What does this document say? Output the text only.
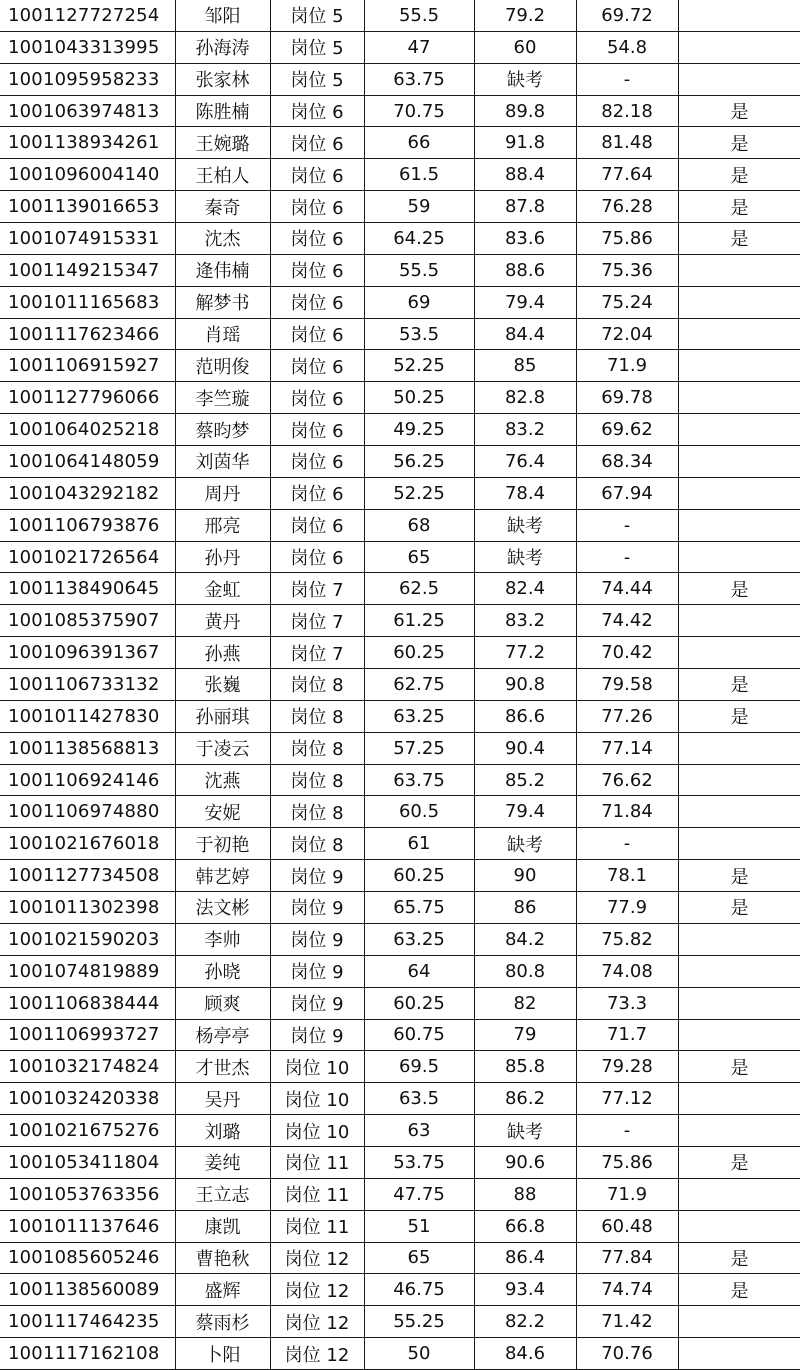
1001127727254	邹阳	岗位 5	55.5	79.2	69.72	
1001043313995	孙海涛	岗位 5	47	60	54.8	
1001095958233	张家林	岗位 5	63.75	缺考	-	
1001063974813	陈胜楠	岗位 6	70.75	89.8	82.18	是
1001138934261	王婉璐	岗位 6	66	91.8	81.48	是
1001096004140	王柏人	岗位 6	61.5	88.4	77.64	是
1001139016653	秦奇	岗位 6	59	87.8	76.28	是
1001074915331	沈杰	岗位 6	64.25	83.6	75.86	是
1001149215347	逄伟楠	岗位 6	55.5	88.6	75.36	
1001011165683	解梦书	岗位 6	69	79.4	75.24	
1001117623466	肖瑶	岗位 6	53.5	84.4	72.04	
1001106915927	范明俊	岗位 6	52.25	85	71.9	
1001127796066	李竺璇	岗位 6	50.25	82.8	69.78	
1001064025218	蔡昀梦	岗位 6	49.25	83.2	69.62	
1001064148059	刘茵华	岗位 6	56.25	76.4	68.34	
1001043292182	周丹	岗位 6	52.25	78.4	67.94	
1001106793876	邢亮	岗位 6	68	缺考	-	
1001021726564	孙丹	岗位 6	65	缺考	-	
1001138490645	金虹	岗位 7	62.5	82.4	74.44	是
1001085375907	黄丹	岗位 7	61.25	83.2	74.42	
1001096391367	孙燕	岗位 7	60.25	77.2	70.42	
1001106733132	张巍	岗位 8	62.75	90.8	79.58	是
1001011427830	孙丽琪	岗位 8	63.25	86.6	77.26	是
1001138568813	于凌云	岗位 8	57.25	90.4	77.14	
1001106924146	沈燕	岗位 8	63.75	85.2	76.62	
1001106974880	安妮	岗位 8	60.5	79.4	71.84	
1001021676018	于初艳	岗位 8	61	缺考	-	
1001127734508	韩艺婷	岗位 9	60.25	90	78.1	是
1001011302398	法文彬	岗位 9	65.75	86	77.9	是
1001021590203	李帅	岗位 9	63.25	84.2	75.82	
1001074819889	孙晓	岗位 9	64	80.8	74.08	
1001106838444	顾爽	岗位 9	60.25	82	73.3	
1001106993727	杨亭亭	岗位 9	60.75	79	71.7	
1001032174824	才世杰	岗位 10	69.5	85.8	79.28	是
1001032420338	吴丹	岗位 10	63.5	86.2	77.12	
1001021675276	刘璐	岗位 10	63	缺考	-	
1001053411804	姜纯	岗位 11	53.75	90.6	75.86	是
1001053763356	王立志	岗位 11	47.75	88	71.9	
1001011137646	康凯	岗位 11	51	66.8	60.48	
1001085605246	曹艳秋	岗位 12	65	86.4	77.84	是
1001138560089	盛辉	岗位 12	46.75	93.4	74.74	是
1001117464235	蔡雨杉	岗位 12	55.25	82.2	71.42	
1001117162108	卜阳	岗位 12	50	84.6	70.76	
